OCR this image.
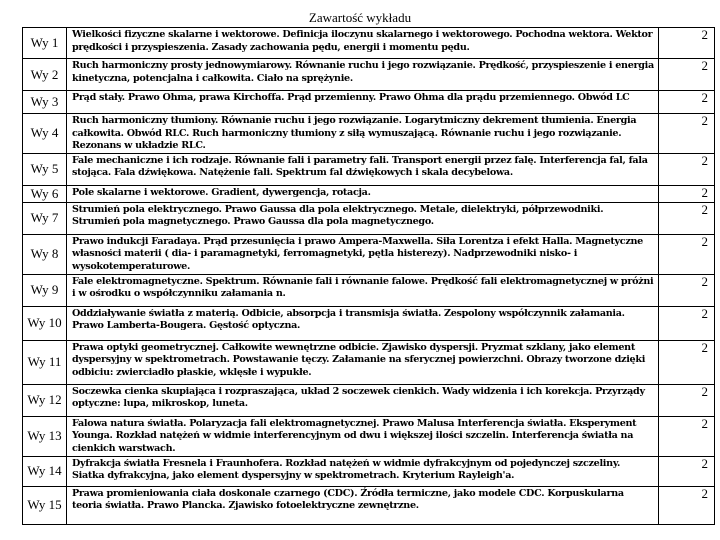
Zawartość wykładu
Wy 1	Wielkości fizyczne skalarne i wektorowe. Definicja iloczynu skalarnego i wektorowego. Pochodna wektora. Wektor prędkości i przyspieszenia. Zasady zachowania pędu, energii i momentu pędu.	2
Wy 2	Ruch harmoniczny prosty jednowymiarowy. Równanie ruchu i jego rozwiązanie. Prędkość, przyspieszenie i energia kinetyczna, potencjalna i całkowita. Ciało na sprężynie.	2
Wy 3	Prąd stały. Prawo Ohma, prawa Kirchoffa. Prąd przemienny. Prawo Ohma dla prądu przemiennego. Obwód LC	2
Wy 4	Ruch harmoniczny tłumiony. Równanie ruchu i jego rozwiązanie. Logarytmiczny dekrement tłumienia. Energia całkowita. Obwód RLC. Ruch harmoniczny tłumiony z siłą wymuszającą. Równanie ruchu i jego rozwiązanie. Rezonans w układzie RLC.	2
Wy 5	Fale mechaniczne i ich rodzaje. Równanie fali i parametry fali. Transport energii przez falę. Interferencja fal, fala stojąca. Fala dźwiękowa. Natężenie fali. Spektrum fal dźwiękowych i skala decybelowa.	2
Wy 6	Pole skalarne i wektorowe. Gradient, dywergencja, rotacja.	2
Wy 7	Strumień pola elektrycznego. Prawo Gaussa dla pola elektrycznego. Metale, dielektryki, półprzewodniki. Strumień pola magnetycznego. Prawo Gaussa dla pola magnetycznego.	2
Wy 8	Prawo indukcji Faradaya. Prąd przesunięcia i prawo Ampera-Maxwella. Siła Lorentza i efekt Halla. Magnetyczne własności materii ( dia- i paramagnetyki, ferromagnetyki, pętla histerezy). Nadprzewodniki nisko- i wysokotemperaturowe.	2
Wy 9	Fale elektromagnetyczne. Spektrum. Równanie fali i równanie falowe. Prędkość fali elektromagnetycznej w próżni i w ośrodku o współczynniku załamania n.	2
Wy 10	Oddziaływanie światła z materią. Odbicie, absorpcja i transmisja światła. Zespolony współczynnik załamania. Prawo Lamberta-Bougera. Gęstość optyczna.	2
Wy 11	Prawa optyki geometrycznej. Całkowite wewnętrzne odbicie. Zjawisko dyspersji. Pryzmat szklany, jako element dyspersyjny w spektrometrach. Powstawanie tęczy. Załamanie na sferycznej powierzchni. Obrazy tworzone dzięki odbiciu: zwierciadło płaskie, wklęsłe i wypukłe.	2
Wy 12	Soczewka cienka skupiająca i rozpraszająca, układ 2 soczewek cienkich. Wady widzenia i ich korekcja. Przyrządy optyczne: lupa, mikroskop, luneta.	2
Wy 13	Falowa natura światła. Polaryzacja fali elektromagnetycznej. Prawo Malusa Interferencja światła. Eksperyment Younga. Rozkład natężeń w widmie interferencyjnym od dwu i większej ilości szczelin. Interferencja światła na cienkich warstwach.	2
Wy 14	Dyfrakcja światła Fresnela i Fraunhofera. Rozkład natężeń w widmie dyfrakcyjnym od pojedynczej szczeliny. Siatka dyfrakcyjna, jako element dyspersyjny w spektrometrach. Kryterium Rayleigh'a.	2
Wy 15	Prawa promieniowania ciała doskonale czarnego (CDC). Źródła termiczne, jako modele CDC. Korpuskularna teoria światła. Prawo Plancka. Zjawisko fotoelektryczne zewnętrzne.	2
